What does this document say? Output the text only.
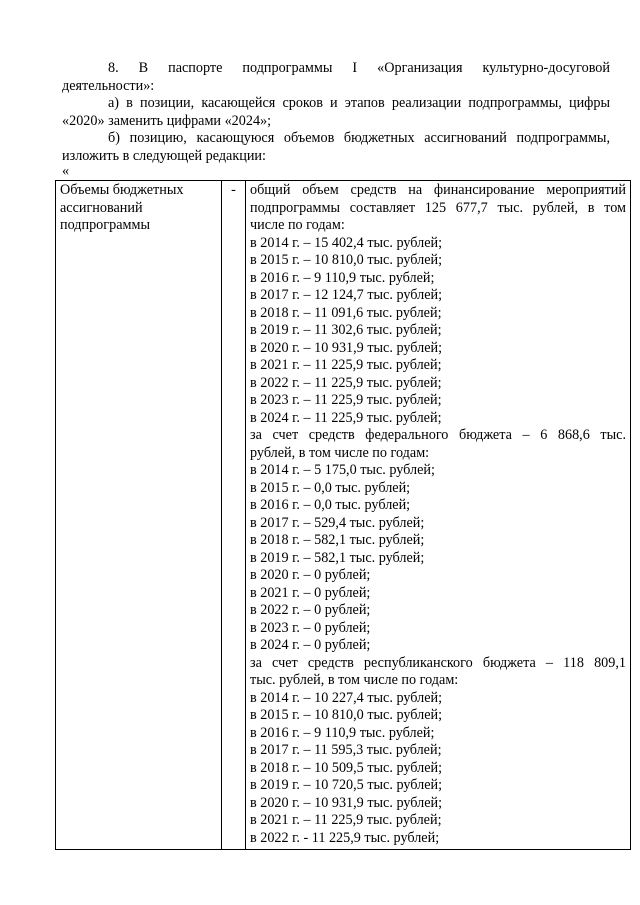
8. В паспорте подпрограммы I «Организация культурно-досуговой
деятельности»:
а) в позиции, касающейся сроков и этапов реализации подпрограммы, цифры
«2020» заменить цифрами «2024»;
б) позицию, касающуюся объемов бюджетных ассигнований подпрограммы,
изложить в следующей редакции:
«
Объемы бюджетных ассигнований подпрограммы	-	общий объем средств на финансирование мероприятий
подпрограммы составляет 125 677,7 тыс. рублей, в том
числе по годам:
в 2014 г. – 15 402,4 тыс. рублей;
в 2015 г. – 10 810,0 тыс. рублей;
в 2016 г. – 9 110,9 тыс. рублей;
в 2017 г. – 12 124,7 тыс. рублей;
в 2018 г. – 11 091,6 тыс. рублей;
в 2019 г. – 11 302,6 тыс. рублей;
в 2020 г. – 10 931,9 тыс. рублей;
в 2021 г. – 11 225,9 тыс. рублей;
в 2022 г. – 11 225,9 тыс. рублей;
в 2023 г. – 11 225,9 тыс. рублей;
в 2024 г. – 11 225,9 тыс. рублей;
за счет средств федерального бюджета – 6 868,6 тыс.
рублей, в том числе по годам:
в 2014 г. – 5 175,0 тыс. рублей;
в 2015 г. – 0,0 тыс. рублей;
в 2016 г. – 0,0 тыс. рублей;
в 2017 г. – 529,4 тыс. рублей;
в 2018 г. – 582,1 тыс. рублей;
в 2019 г. – 582,1 тыс. рублей;
в 2020 г. – 0 рублей;
в 2021 г. – 0 рублей;
в 2022 г. – 0 рублей;
в 2023 г. – 0 рублей;
в 2024 г. – 0 рублей;
за счет средств республиканского бюджета – 118 809,1
тыс. рублей, в том числе по годам:
в 2014 г. – 10 227,4 тыс. рублей;
в 2015 г. – 10 810,0 тыс. рублей;
в 2016 г. – 9 110,9 тыс. рублей;
в 2017 г. – 11 595,3 тыс. рублей;
в 2018 г. – 10 509,5 тыс. рублей;
в 2019 г. – 10 720,5 тыс. рублей;
в 2020 г. – 10 931,9 тыс. рублей;
в 2021 г. – 11 225,9 тыс. рублей;
в 2022 г. - 11 225,9 тыс. рублей;
